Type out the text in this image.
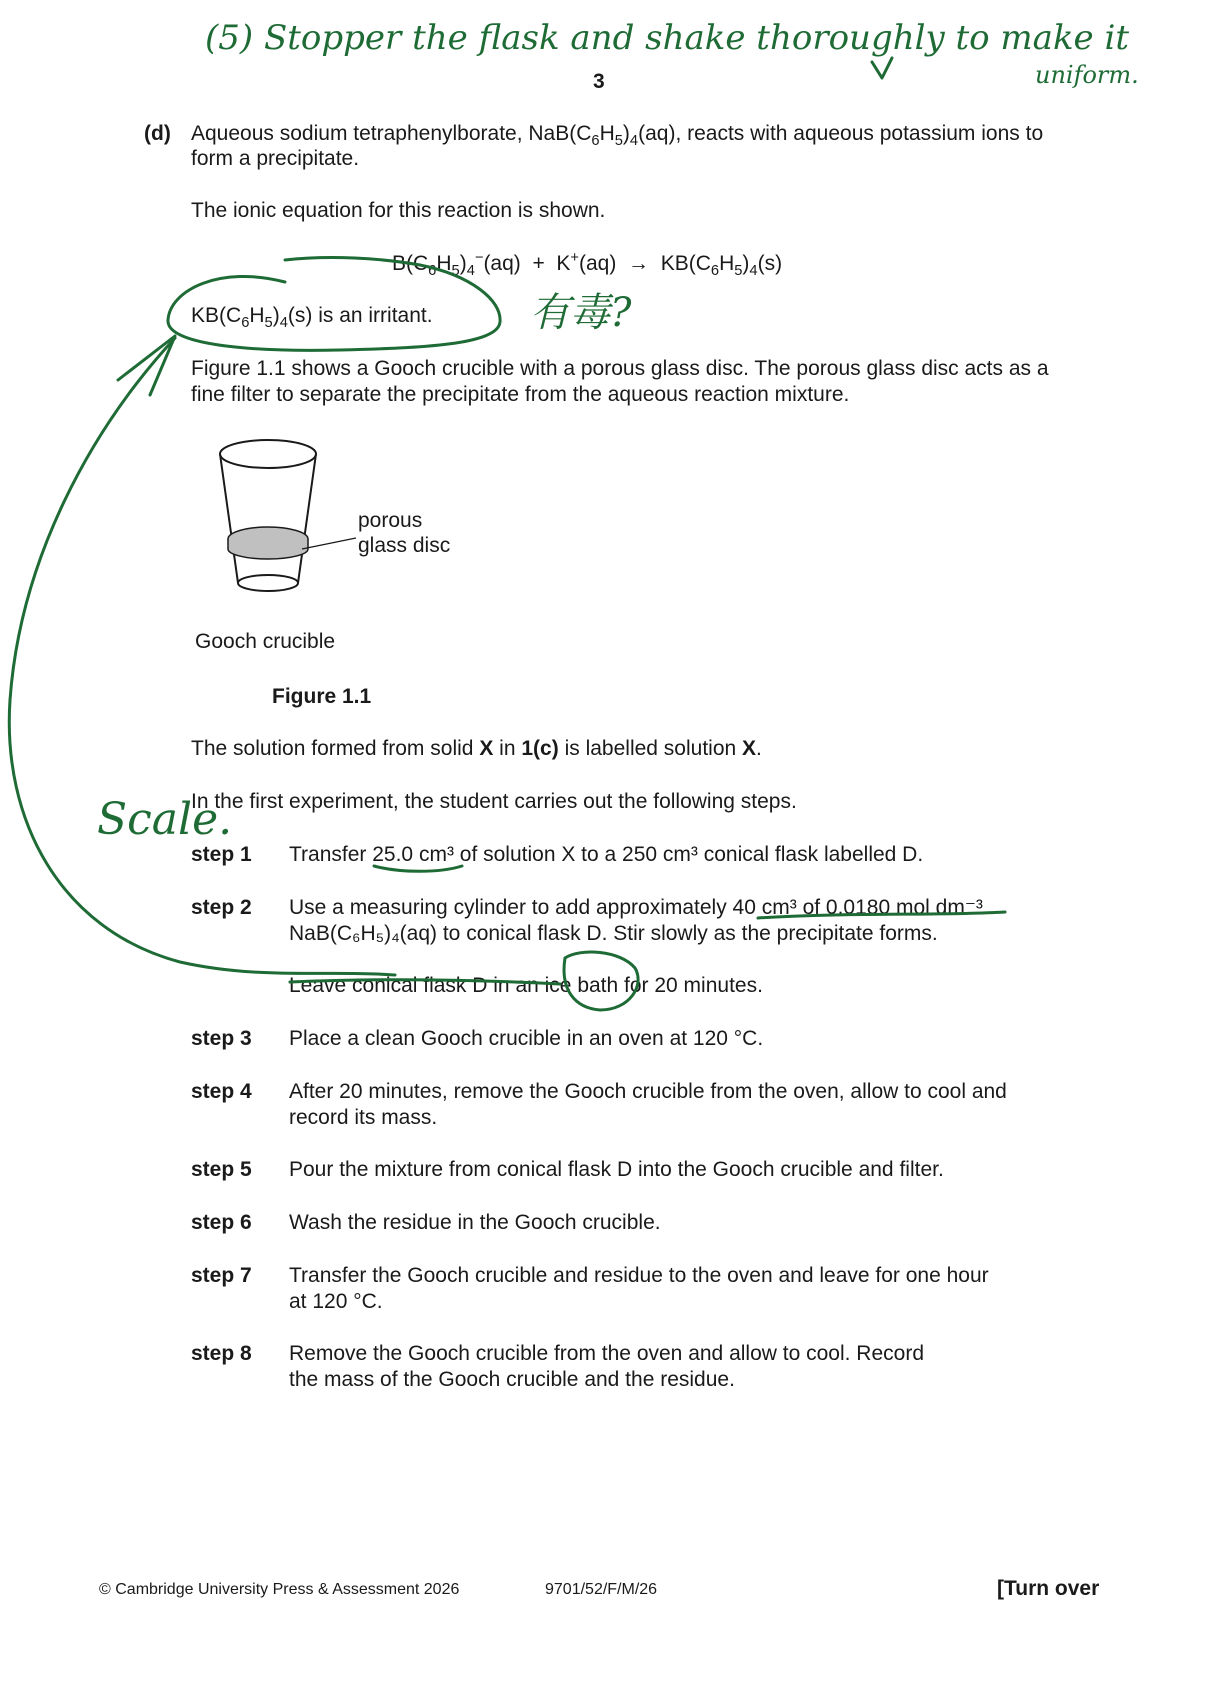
(5) Stopper the flask and shake thoroughly to make it
uniform.
3
(d) Aqueous sodium tetraphenylborate, $NaB(C_6H_5)_4(aq)$, reacts with aqueous potassium ions to
form a precipitate.
The ionic equation for this reaction is shown.
$B(C_6H_5)_4^-(aq) + K^+(aq) \to KB(C_6H_5)_4(s)$
$KB(C_6H_5)_4(s)$ is an irritant. 有毒?
Figure 1.1 shows a Gooch crucible with a porous glass disc. The porous glass disc acts as a
fine filter to separate the precipitate from the aqueous reaction mixture.
porous
glass disc
Gooch crucible
Figure 1.1
The solution formed from solid X in 1(c) is labelled solution X.
In the first experiment, the student carries out the following steps.
Scale.
step 1 Transfer 25.0 cm³ of solution X to a 250 cm³ conical flask labelled D.
step 2 Use a measuring cylinder to add approximately 40 cm³ of 0.0180 mol dm⁻³
NaB(C₆H₅)₄(aq) to conical flask D. Stir slowly as the precipitate forms.
Leave conical flask D in an ice bath for 20 minutes.
step 3 Place a clean Gooch crucible in an oven at 120 °C.
step 4 After 20 minutes, remove the Gooch crucible from the oven, allow to cool and
record its mass.
step 5 Pour the mixture from conical flask D into the Gooch crucible and filter.
step 6 Wash the residue in the Gooch crucible.
step 7 Transfer the Gooch crucible and residue to the oven and leave for one hour
at 120 °C.
step 8 Remove the Gooch crucible from the oven and allow to cool. Record
the mass of the Gooch crucible and the residue.
© Cambridge University Press & Assessment 2026	9701/52/F/M/26	[Turn over
